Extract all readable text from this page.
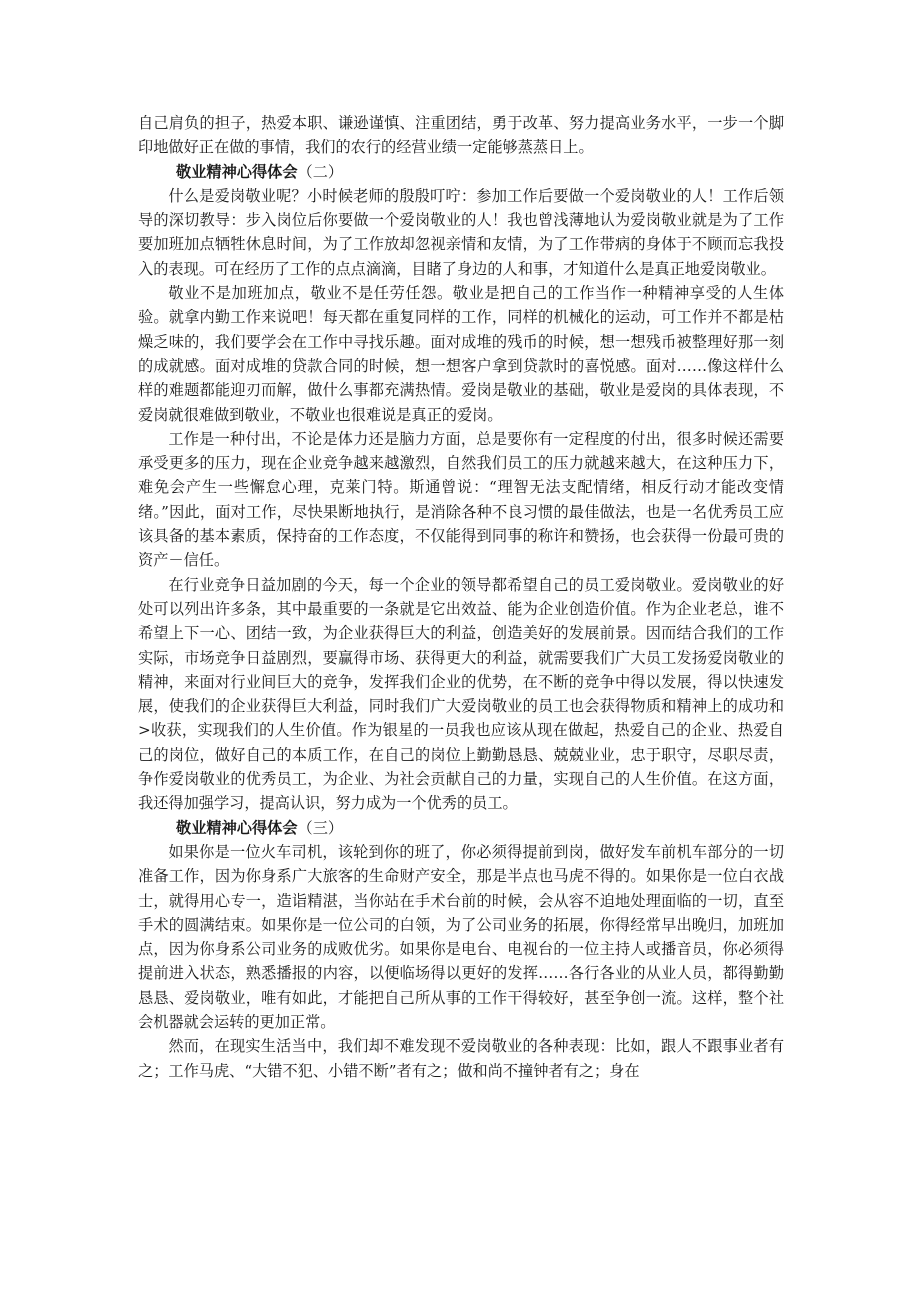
自己肩负的担子，热爱本职、谦逊谨慎、注重团结，勇于改革、努力提高业务水平，一步一个脚印地做好正在做的事情，我们的农行的经营业绩一定能够蒸蒸日上。

敬业精神心得体会（二）

什么是爱岗敬业呢？小时候老师的殷殷叮咛：参加工作后要做一个爱岗敬业的人！工作后领导的深切教导：步入岗位后你要做一个爱岗敬业的人！我也曾浅薄地认为爱岗敬业就是为了工作要加班加点牺牲休息时间，为了工作放却忽视亲情和友情，为了工作带病的身体于不顾而忘我投入的表现。可在经历了工作的点点滴滴，目睹了身边的人和事，才知道什么是真正地爱岗敬业。

敬业不是加班加点，敬业不是任劳任怨。敬业是把自己的工作当作一种精神享受的人生体验。就拿内勤工作来说吧！每天都在重复同样的工作，同样的机械化的运动，可工作并不都是枯燥乏味的，我们要学会在工作中寻找乐趣。面对成堆的残币的时候，想一想残币被整理好那一刻的成就感。面对成堆的贷款合同的时候，想一想客户拿到贷款时的喜悦感。面对……像这样什么样的难题都能迎刃而解，做什么事都充满热情。爱岗是敬业的基础，敬业是爱岗的具体表现，不爱岗就很难做到敬业，不敬业也很难说是真正的爱岗。

工作是一种付出，不论是体力还是脑力方面，总是要你有一定程度的付出，很多时候还需要承受更多的压力，现在企业竞争越来越激烈，自然我们员工的压力就越来越大，在这种压力下，难免会产生一些懈怠心理，克莱门特。斯通曾说：“理智无法支配情绪，相反行动才能改变情绪。”因此，面对工作，尽快果断地执行，是消除各种不良习惯的最佳做法，也是一名优秀员工应该具备的基本素质，保持奋的工作态度，不仅能得到同事的称许和赞扬，也会获得一份最可贵的资产－信任。

在行业竞争日益加剧的今天，每一个企业的领导都希望自己的员工爱岗敬业。爱岗敬业的好处可以列出许多条，其中最重要的一条就是它出效益、能为企业创造价值。作为企业老总，谁不希望上下一心、团结一致，为企业获得巨大的利益，创造美好的发展前景。因而结合我们的工作实际，市场竞争日益剧烈，要赢得市场、获得更大的利益，就需要我们广大员工发扬爱岗敬业的精神，来面对行业间巨大的竞争，发挥我们企业的优势，在不断的竞争中得以发展，得以快速发展，使我们的企业获得巨大利益，同时我们广大爱岗敬业的员工也会获得物质和精神上的成功和>收获，实现我们的人生价值。作为银星的一员我也应该从现在做起，热爱自己的企业、热爱自己的岗位，做好自己的本质工作，在自己的岗位上勤勤恳恳、兢兢业业，忠于职守，尽职尽责，争作爱岗敬业的优秀员工，为企业、为社会贡献自己的力量，实现自己的人生价值。在这方面，我还得加强学习，提高认识，努力成为一个优秀的员工。

敬业精神心得体会（三）

如果你是一位火车司机，该轮到你的班了，你必须得提前到岗，做好发车前机车部分的一切准备工作，因为你身系广大旅客的生命财产安全，那是半点也马虎不得的。如果你是一位白衣战士，就得用心专一，造诣精湛，当你站在手术台前的时候，会从容不迫地处理面临的一切，直至手术的圆满结束。如果你是一位公司的白领，为了公司业务的拓展，你得经常早出晚归，加班加点，因为你身系公司业务的成败优劣。如果你是电台、电视台的一位主持人或播音员，你必须得提前进入状态，熟悉播报的内容，以便临场得以更好的发挥……各行各业的从业人员，都得勤勤恳恳、爱岗敬业，唯有如此，才能把自己所从事的工作干得较好，甚至争创一流。这样，整个社会机器就会运转的更加正常。

然而，在现实生活当中，我们却不难发现不爱岗敬业的各种表现：比如，跟人不跟事业者有之；工作马虎、“大错不犯、小错不断”者有之；做和尚不撞钟者有之；身在
